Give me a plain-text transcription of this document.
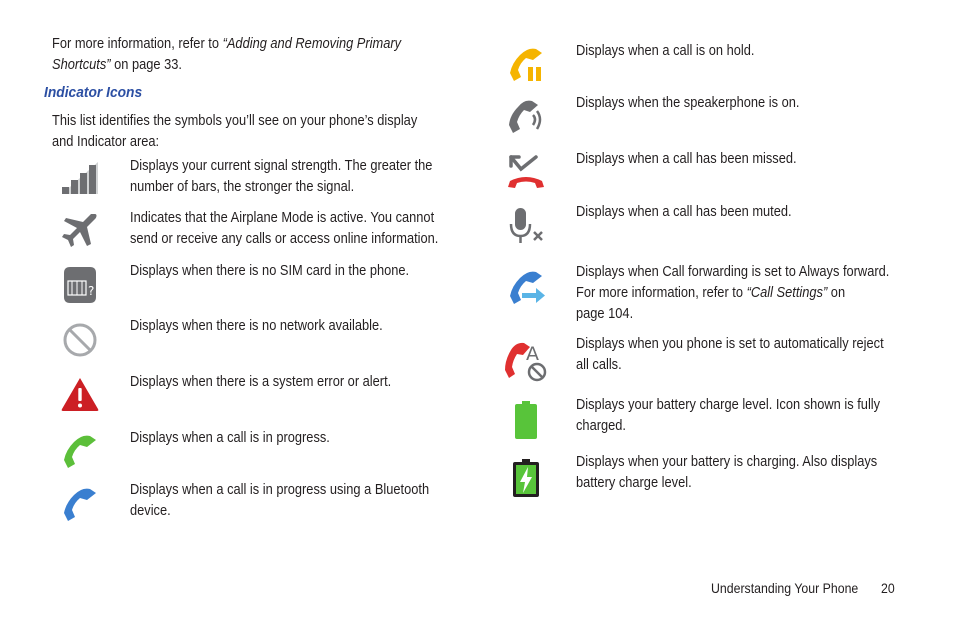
For more information, refer to “Adding and Removing Primary
Shortcuts” on page 33.
Indicator Icons
This list identifies the symbols you’ll see on your phone’s display
and Indicator area:
Displays your current signal strength. The greater the
number of bars, the stronger the signal.
Indicates that the Airplane Mode is active. You cannot
send or receive any calls or access online information.
?
Displays when there is no SIM card in the phone.
Displays when there is no network available.
Displays when there is a system error or alert.
Displays when a call is in progress.
Displays when a call is in progress using a Bluetooth
device.
Displays when a call is on hold.
Displays when the speakerphone is on.
Displays when a call has been missed.
Displays when a call has been muted.
Displays when Call forwarding is set to Always forward.
For more information, refer to “Call Settings” on
page 104.
A	Displays when you phone is set to automatically reject
all calls.
Displays your battery charge level. Icon shown is fully
charged.
Displays when your battery is charging. Also displays
battery charge level.
Understanding Your Phone 20
